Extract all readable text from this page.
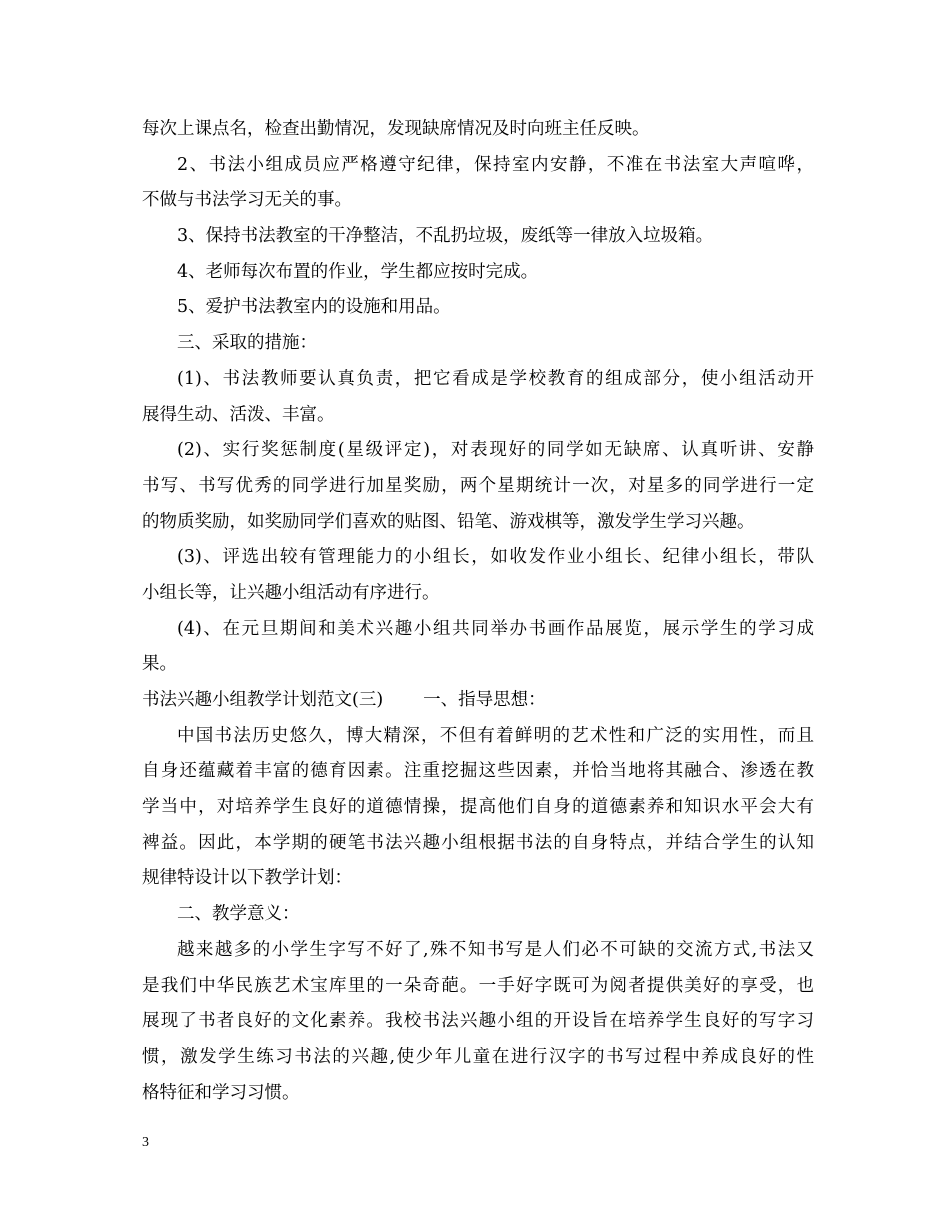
每次上课点名，检查出勤情况，发现缺席情况及时向班主任反映。
2、书法小组成员应严格遵守纪律，保持室内安静，不准在书法室大声喧哗，
不做与书法学习无关的事。
3、保持书法教室的干净整洁，不乱扔垃圾，废纸等一律放入垃圾箱。
4、老师每次布置的作业，学生都应按时完成。
5、爱护书法教室内的设施和用品。
三、采取的措施：
(1)、书法教师要认真负责，把它看成是学校教育的组成部分，使小组活动开
展得生动、活泼、丰富。
(2)、实行奖惩制度(星级评定)，对表现好的同学如无缺席、认真听讲、安静
书写、书写优秀的同学进行加星奖励，两个星期统计一次，对星多的同学进行一定
的物质奖励，如奖励同学们喜欢的贴图、铅笔、游戏棋等，激发学生学习兴趣。
(3)、评选出较有管理能力的小组长，如收发作业小组长、纪律小组长，带队
小组长等，让兴趣小组活动有序进行。
(4)、在元旦期间和美术兴趣小组共同举办书画作品展览，展示学生的学习成
果。
书法兴趣小组教学计划范文(三) 一、指导思想：
中国书法历史悠久，博大精深，不但有着鲜明的艺术性和广泛的实用性，而且
自身还蕴藏着丰富的德育因素。注重挖掘这些因素，并恰当地将其融合、渗透在教
学当中，对培养学生良好的道德情操，提高他们自身的道德素养和知识水平会大有
裨益。因此，本学期的硬笔书法兴趣小组根据书法的自身特点，并结合学生的认知
规律特设计以下教学计划：
二、教学意义：
越来越多的小学生字写不好了,殊不知书写是人们必不可缺的交流方式,书法又
是我们中华民族艺术宝库里的一朵奇葩。一手好字既可为阅者提供美好的享受，也
展现了书者良好的文化素养。我校书法兴趣小组的开设旨在培养学生良好的写字习
惯，激发学生练习书法的兴趣,使少年儿童在进行汉字的书写过程中养成良好的性
格特征和学习习惯。
3
